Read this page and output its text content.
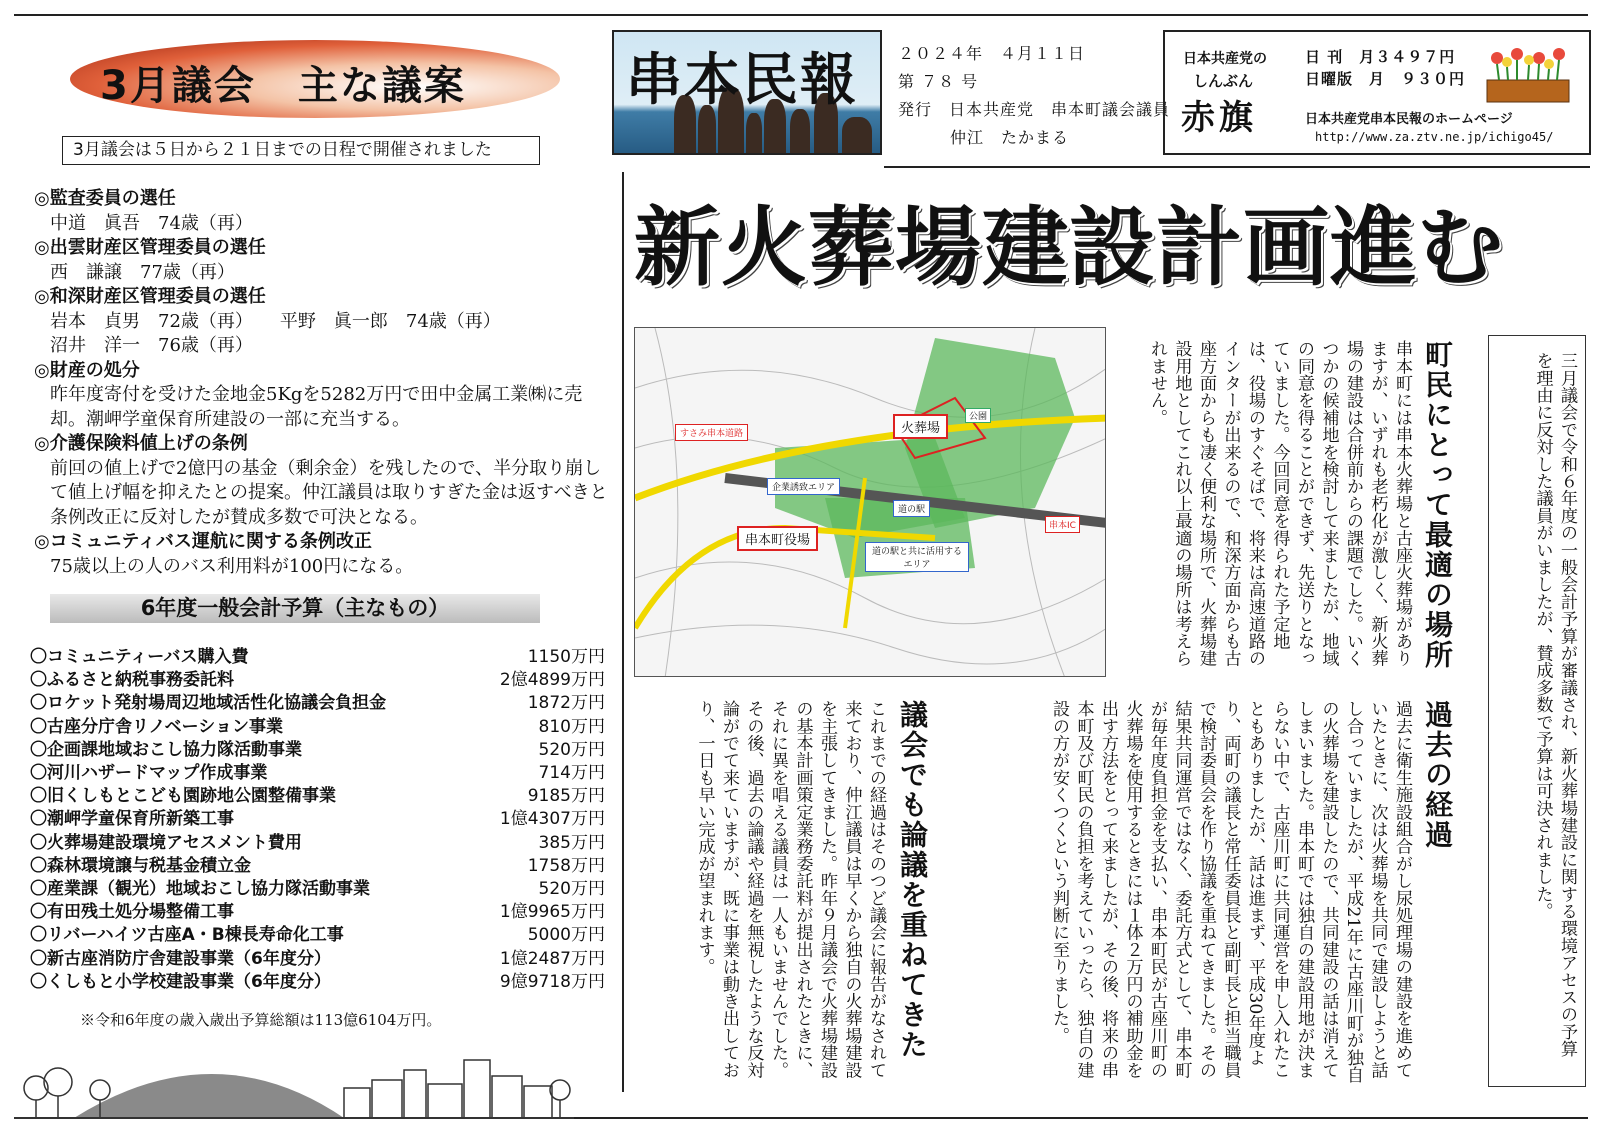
3月議会　主な議案
3月議会は５日から２１日までの日程で開催されました
串本民報	２０２４年　４月１１日
第 ７８ 号
発行　日本共産党　串本町議会議員
仲江　たかまる
日本共産党の
しんぶん
赤旗
日 刊　月３４９７円
日曜版　月　９３０円
日本共産党串本民報のホームページ
http://www.za.ztv.ne.jp/ichigo45/
新火葬場建設計画進む
◎監査委員の選任
中道　眞吾　74歳（再）
◎出雲財産区管理委員の選任
西　謙譲　77歳（再）
◎和深財産区管理委員の選任
岩本　貞男　72歳（再）　　平野　眞一郎　74歳（再）
沼井　洋一　76歳（再）
◎財産の処分
昨年度寄付を受けた金地金5Kgを5282万円で田中金属工業㈱に売却。潮岬学童保育所建設の一部に充当する。
◎介護保険料値上げの条例
前回の値上げで2億円の基金（剰余金）を残したので、半分取り崩して値上げ幅を抑えたとの提案。仲江議員は取りすぎた金は返すべきと条例改正に反対したが賛成多数で可決となる。
◎コミュニティバス運航に関する条例改正
75歳以上の人のバス利用料が100円になる。
6年度一般会計予算（主なもの）
〇コミュニティーバス購入費	1150万円
〇ふるさと納税事務委託料	2億4899万円
〇ロケット発射場周辺地域活性化協議会負担金	1872万円
〇古座分庁舎リノベーション事業	810万円
〇企画課地域おこし協力隊活動事業	520万円
〇河川ハザードマップ作成事業	714万円
〇旧くしもとこども園跡地公園整備事業	9185万円
〇潮岬学童保育所新築工事	1億4307万円
〇火葬場建設環境アセスメント費用	385万円
〇森林環境譲与税基金積立金	1758万円
〇産業課（観光）地域おこし協力隊活動事業	520万円
〇有田残土処分場整備工事	1億9965万円
〇リバーハイツ古座A・B棟長寿命化工事	5000万円
〇新古座消防庁舎建設事業（6年度分）	1億2487万円
〇くしもと小学校建設事業（6年度分）	9億9718万円
※令和6年度の歳入歳出予算総額は113億6104万円。
火葬場
公園
すさみ串本道路
企業誘致エリア
道の駅
串本IC
串本町役場
道の駅と共に活用するエリア	三月議会で令和６年度の一般会計予算が審議され、新火葬場建設に関する環境アセスの予算を理由に反対した議員がいましたが、賛成多数で予算は可決されました。
町民にとって最適の場所
串本町には串本火葬場と古座火葬場がありますが、いずれも老朽化が激しく、新火葬場の建設は合併前からの課題でした。いくつかの候補地を検討して来ましたが、地域の同意を得ることができず、先送りとなっていました。今回同意を得られた予定地は、役場のすぐそばで、将来は高速道路のインターが出来るので、和深方面からも古座方面からも凄く便利な場所で、火葬場建設用地としてこれ以上最適の場所は考えられません。
過去の経過
過去に衛生施設組合がし尿処理場の建設を進めていたときに、次は火葬場を共同で建設しようと話し合っていましたが、平成21年に古座川町が独自の火葬場を建設したので、共同建設の話は消えてしまいました。串本町では独自の建設用地が決まらない中で、古座川町に共同運営を申し入れたこともありましたが、話は進まず、平成30年度より、両町の議長と常任委員長と副町長と担当職員で検討委員会を作り協議を重ねてきました。その結果共同運営ではなく、委託方式として、串本町が毎年度負担金を支払い、串本町民が古座川町の火葬場を使用するときには１体２万円の補助金を出す方法をとって来ましたが、その後、将来の串本町及び町民の負担を考えていったら、独自の建設の方が安くつくという判断に至りました。
議会でも論議を重ねてきた
これまでの経過はそのつど議会に報告がなされて来ており、仲江議員は早くから独自の火葬場建設を主張してきました。昨年９月議会で火葬場建設の基本計画策定業務委託料が提出されたときに、それに異を唱える議員は一人もいませんでした。その後、過去の論議や経過を無視したような反対論がでて来ていますが、既に事業は動き出しており、一日も早い完成が望まれます。
